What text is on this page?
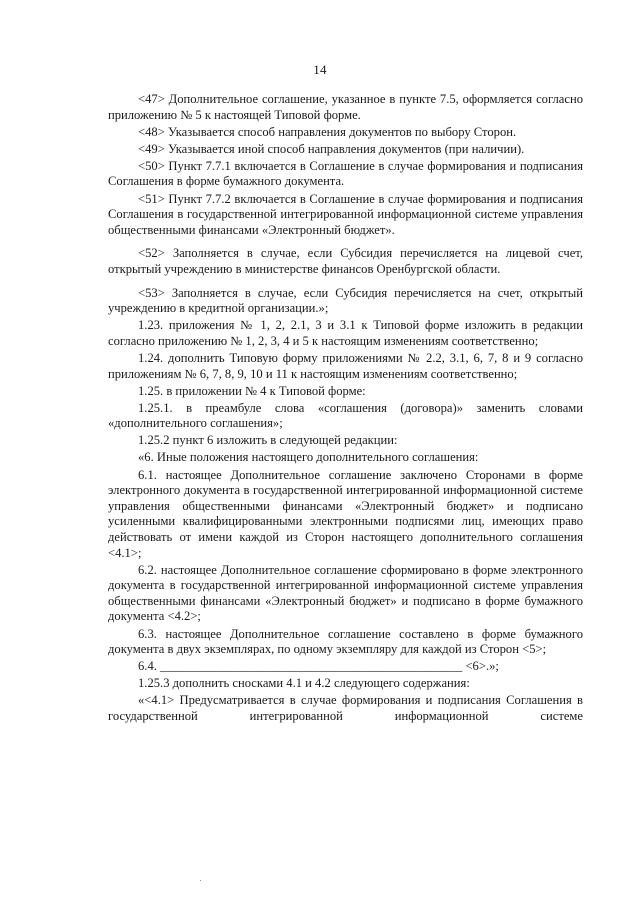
14

<47> Дополнительное соглашение, указанное в пункте 7.5, оформляется согласно приложению № 5 к настоящей Типовой форме.

<48> Указывается способ направления документов по выбору Сторон.

<49> Указывается иной способ направления документов (при наличии).

<50> Пункт 7.7.1 включается в Соглашение в случае формирования и подписания Соглашения в форме бумажного документа.

<51> Пункт 7.7.2 включается в Соглашение в случае формирования и подписания Соглашения в государственной интегрированной информационной системе управления общественными финансами «Электронный бюджет».

<52> Заполняется в случае, если Субсидия перечисляется на лицевой счет, открытый учреждению в министерстве финансов Оренбургской области.

<53> Заполняется в случае, если Субсидия перечисляется на счет, открытый учреждению в кредитной организации.»;

1.23. приложения № 1, 2, 2.1, 3 и 3.1 к Типовой форме изложить в редакции согласно приложению № 1, 2, 3, 4 и 5 к настоящим изменениям соответственно;

1.24. дополнить Типовую форму приложениями № 2.2, 3.1, 6, 7, 8 и 9 согласно приложениям № 6, 7, 8, 9, 10 и 11 к настоящим изменениям соответственно;

1.25. в приложении № 4 к Типовой форме:

1.25.1. в преамбуле слова «соглашения (договора)» заменить словами «дополнительного соглашения»;

1.25.2 пункт 6 изложить в следующей редакции:

«6. Иные положения настоящего дополнительного соглашения:

6.1. настоящее Дополнительное соглашение заключено Сторонами в форме электронного документа в государственной интегрированной информационной системе управления общественными финансами «Электронный бюджет» и подписано усиленными квалифицированными электронными подписями лиц, имеющих право действовать от имени каждой из Сторон настоящего дополнительного соглашения <4.1>;

6.2. настоящее Дополнительное соглашение сформировано в форме электронного документа в государственной интегрированной информационной системе управления общественными финансами «Электронный бюджет» и подписано в форме бумажного документа <4.2>;

6.3. настоящее Дополнительное соглашение составлено в форме бумажного документа в двух экземплярах, по одному экземпляру для каждой из Сторон <5>;

6.4. ________________________________________________ <6>.»;

1.25.3 дополнить сносками 4.1 и 4.2 следующего содержания:

«<4.1> Предусматривается в случае формирования и подписания Соглашения в государственной интегрированной информационной системе
